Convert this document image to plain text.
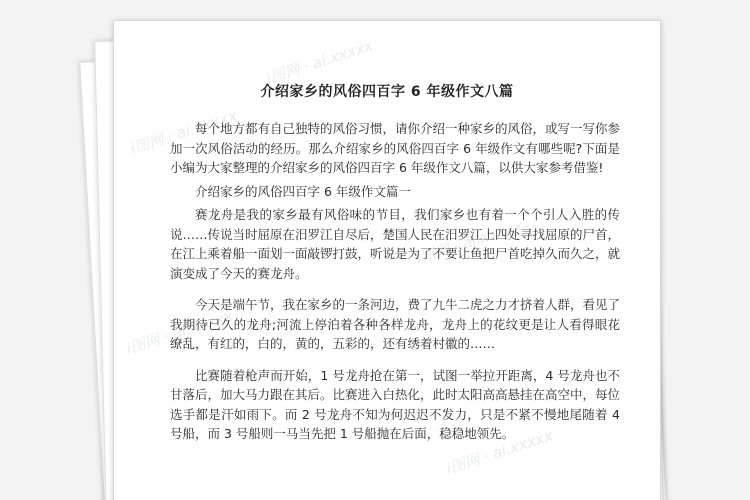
i图网 · ai.xxxxx
i图网 · ai.xxxxx
i图网 · ai.xxxxx
i图网 · ai.xxxxx
i图网 · ai.xxxxx
介绍家乡的风俗四百字 6 年级作文八篇

每个地方都有自己独特的风俗习惯，请你介绍一种家乡的风俗，或写一写你参加一次风俗活动的经历。那么介绍家乡的风俗四百字 6 年级作文有哪些呢?下面是小编为大家整理的介绍家乡的风俗四百字 6 年级作文八篇，以供大家参考借鉴!

介绍家乡的风俗四百字 6 年级作文篇一

赛龙舟是我的家乡最有风俗味的节目，我们家乡也有着一个个引人入胜的传说……传说当时屈原在汨罗江自尽后，楚国人民在汨罗江上四处寻找屈原的尸首，在江上乘着船一面划一面敲锣打鼓，听说是为了不要让鱼把尸首吃掉久而久之，就演变成了今天的赛龙舟。

今天是端午节，我在家乡的一条河边，费了九牛二虎之力才挤着人群，看见了我期待已久的龙舟;河流上停泊着各种各样龙舟，龙舟上的花纹更是让人看得眼花缭乱，有红的，白的，黄的，五彩的，还有绣着村徽的……

比赛随着枪声而开始，1 号龙舟抢在第一，试图一举拉开距离，4 号龙舟也不甘落后，加大马力跟在其后。比赛进入白热化，此时太阳高高悬挂在高空中，每位选手都是汗如雨下。而 2 号龙舟不知为何迟迟不发力，只是不紧不慢地尾随着 4 号船，而 3 号船则一马当先把 1 号船抛在后面，稳稳地领先。
